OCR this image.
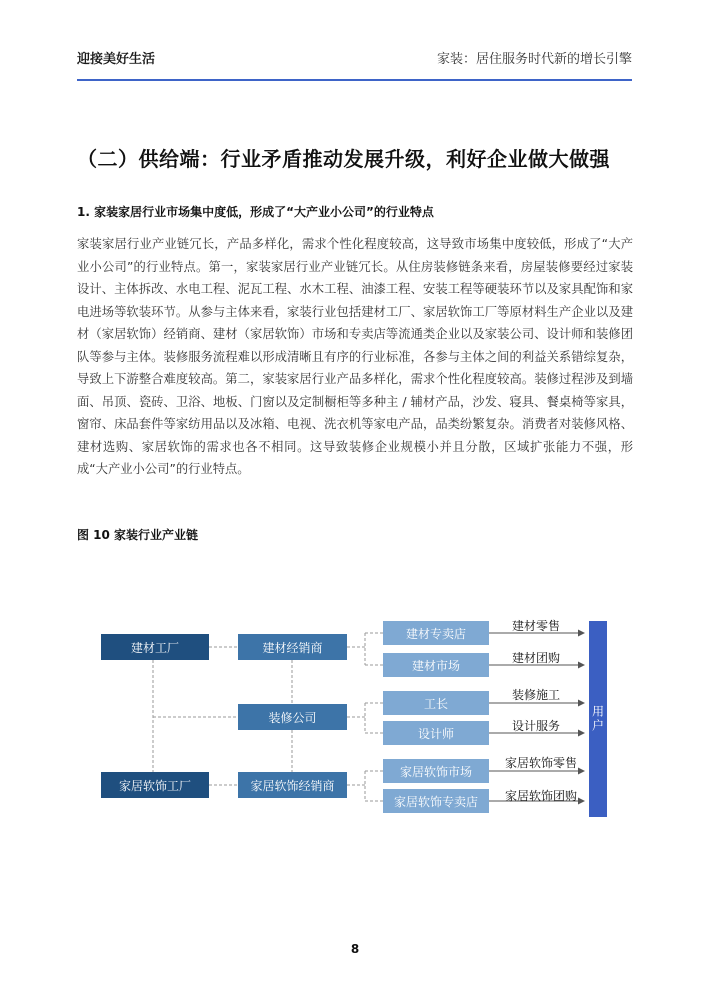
迎接美好生活	家装：居住服务时代新的增长引擎
（二）供给端：行业矛盾推动发展升级，利好企业做大做强
1. 家装家居行业市场集中度低，形成了“大产业小公司”的行业特点
家装家居行业产业链冗长，产品多样化，需求个性化程度较高，这导致市场集中度较低，形成了“大产业小公司”的行业特点。第一，家装家居行业产业链冗长。从住房装修链条来看，房屋装修要经过家装设计、主体拆改、水电工程、泥瓦工程、水木工程、油漆工程、安装工程等硬装环节以及家具配饰和家电进场等软装环节。从参与主体来看，家装行业包括建材工厂、家居软饰工厂等原材料生产企业以及建材（家居软饰）经销商、建材（家居软饰）市场和专卖店等流通类企业以及家装公司、设计师和装修团队等参与主体。装修服务流程难以形成清晰且有序的行业标准，各参与主体之间的利益关系错综复杂，导致上下游整合难度较高。第二，家装家居行业产品多样化，需求个性化程度较高。装修过程涉及到墙面、吊顶、瓷砖、卫浴、地板、门窗以及定制橱柜等多种主 / 辅材产品，沙发、寝具、餐桌椅等家具，窗帘、床品套件等家纺用品以及冰箱、电视、洗衣机等家电产品，品类纷繁复杂。消费者对装修风格、建材选购、家居软饰的需求也各不相同。这导致装修企业规模小并且分散，区域扩张能力不强，形成“大产业小公司”的行业特点。
图 10 家装行业产业链
建材工厂
家居软饰工厂
建材经销商
装修公司
家居软饰经销商
建材专卖店
建材市场
工长
设计师
家居软饰市场
家居软饰专卖店
用户
建材零售
建材团购
装修施工
设计服务
家居软饰零售
家居软饰团购
8
